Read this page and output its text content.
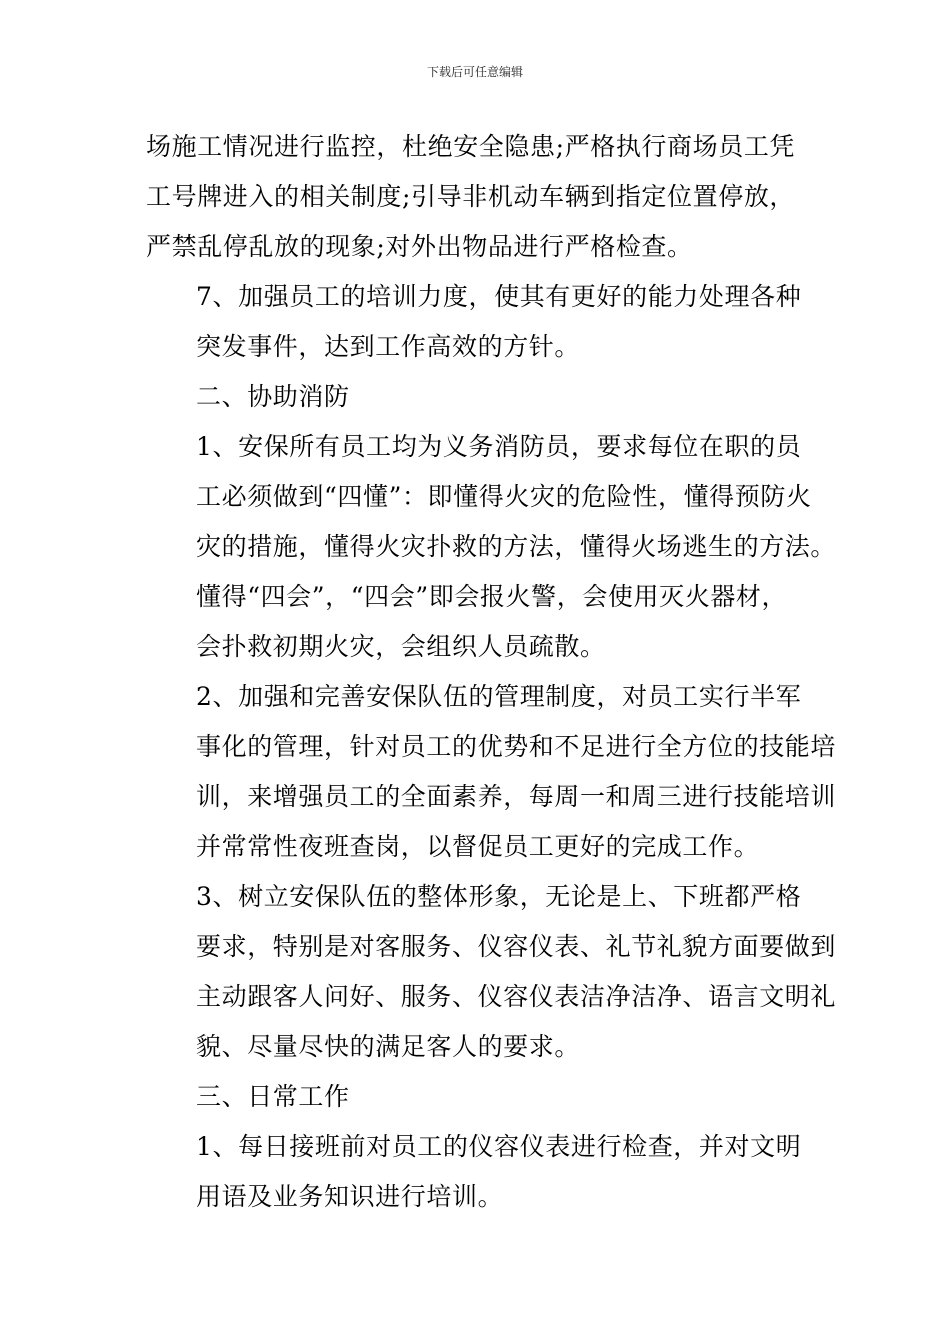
下载后可任意编辑

场施工情况进行监控，杜绝安全隐患;严格执行商场员工凭
工号牌进入的相关制度;引导非机动车辆到指定位置停放，
严禁乱停乱放的现象;对外出物品进行严格检查。

7、加强员工的培训力度，使其有更好的能力处理各种
突发事件，达到工作高效的方针。

二、协助消防

1、安保所有员工均为义务消防员，要求每位在职的员
工必须做到“四懂”：即懂得火灾的危险性，懂得预防火
灾的措施，懂得火灾扑救的方法，懂得火场逃生的方法。
懂得“四会”，“四会”即会报火警，会使用灭火器材，
会扑救初期火灾，会组织人员疏散。

2、加强和完善安保队伍的管理制度，对员工实行半军
事化的管理，针对员工的优势和不足进行全方位的技能培
训，来增强员工的全面素养，每周一和周三进行技能培训
并常常性夜班查岗，以督促员工更好的完成工作。

3、树立安保队伍的整体形象，无论是上、下班都严格
要求，特别是对客服务、仪容仪表、礼节礼貌方面要做到
主动跟客人问好、服务、仪容仪表洁净洁净、语言文明礼
貌、尽量尽快的满足客人的要求。

三、日常工作

1、每日接班前对员工的仪容仪表进行检查，并对文明
用语及业务知识进行培训。
